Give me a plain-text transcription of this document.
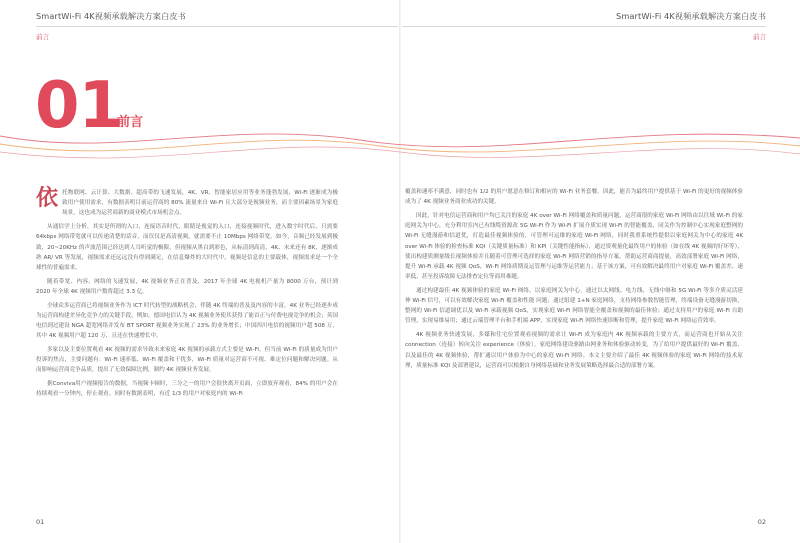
SmartWi-Fi 4K视频承载解决方案白皮书
前言
01
前言

依托物联网、云计算、大数据、超高带的飞速发展，4K、VR、智能家居应用等业务蓬勃发展，Wi-Fi 逐渐成为极致用户使用需求，有数据表明目前运营商的 80% 流量来自 Wi-Fi 且大部分是视频业务，而主要因素场景为家庭场景，这也成为运营商新的商业模式市场机会点。

从通信学上分析，其实是所谓的入口，连接语音时代，眼睛是视觉的入口，连接视频时代，进入数字时代后，只需要 64kbps 网络带宽就可以传递清楚的话音，而仅仅是高清视频，就需要不止 10Mbps 网络带宽。如今，音频已经发展到极致，20~20KHz 的声波范围已经达到人耳听觉的极限，但视频从黑白到彩色，从标清到高清，4K、未来还有 8K，逐渐成熟 AR/ VR 等发展，视频需求还远远没有得到满足，在信息爆炸的大时代中，视频是信息的主要载体，视频需求是一个全球性的普遍需求。

随着带宽、内容、网络的飞速发展，4K 视频业务正在普及，2017 年全球 4K 电视机产量为 8000 万台，预计到 2020 年全球 4K 视频用户数将超过 3.3 亿。

全球众多运营商已将视频业务作为 ICT 时代转型的战略机会，伴随 4K 终端的普及及内容的丰富，4K 业务已经逐步成为运营商构建差异化竞争力的关键手段。例如，德国电信认为 4K 视频业务使其获得了能首正与付费电视竞争的机会；英国电信到过建设 NGA 超宽网络并发布 BT SPORT 视频业务实现了 23% 的业务增长；中国四川电信的视频用户超 508 万，其中 4K 视频用户超 120 万，且还在快速增长中。

多家以及主要位置观看 4K 视频的需求导致未来家庭 4K 视频的承载方式主要是 Wi-Fi。但当前 Wi-Fi 的质量成为用户投诉的焦点，主要问题有：Wi-Fi 速率低、Wi-Fi 覆盖和干扰多，Wi-Fi 质量对运营商不可视、难定位问题和解决问题。从而影响运营商竞争品质，提出了无效保障比例，制约 4K 视频业务发展。

据Conviva用户视频报告的数据，当视频卡顿时，三分之一的用户会很快离开页面，立即放弃观看，84% 的用户会在持续观看一分钟内，停止观看。同时有数据表明，有近 1/3 的用户对家庭内的 Wi-Fi

01
SmartWi-Fi 4K视频承载解决方案白皮书
前言

覆盖和速率不满意，同时也有 1/2 的用户愿意在修订和相应的 Wi-Fi 业务套餐。因此，能否为最终用户提供基于 Wi-Fi 的更好的视频体验成为了 4K 视频业务商业成功的关键。

因此，针对电信运营商和用户均已关注的家庭 4K over Wi-Fi 网络覆盖和质量问题，运营商很的家庭 Wi-Fi 网络由以往域 Wi-Fi 的家庭网关为中心，充分利用室内已有线缆资源改 5G Wi-Fi 作为 Wi-Fi 扩展介质实现 Wi-Fi 的智能覆盖，同关作为控制中心实现家庭整网的 Wi-Fi 无缝漫游和信道优，打造最佳视频体验的，可管理可运维的家庭 Wi-Fi 网络，同时我重系统性提供以家庭网关为中心的家庭 4K over Wi-Fi 体验的检查标准 KQI（关键质量标准）和 KPI（关键性能指标），通过资观量化最终用户的体验（如在线 4K 视频的好坏等），使出构建质测量级长视频体验并且随着可管理可选择的家庭 Wi-Fi 网络营销的指导方案，帮助运营商商提量，高效部署家庭 Wi-Fi 网络，提升 Wi-Fi 承载 4K 视频 QoS，Wi-Fi 网络质期及运管理与运维等运营能力；基于该方案，可有效解决最终用户对家庭 Wi-Fi 覆盖差、速率低，甚至投诉故障无法排查定位等商用难题。

通过构建最佳 4K 视频体验的家庭 Wi-Fi 网络，以家庭网关为中心，通过以太网线、电力线、无线中继和 5G Wi-Fi 等多介质灵活延伸 Wi-Fi 信号，可以有效解决家庭 Wi-Fi 覆盖和性能 问题；通过组建 1+N 家庭网络，支持网络参数智能管理，终端设备无缝漫游切换，整网的 Wi-Fi 信道调优以及 Wi-Fi 承载视频 QoS，实现家庭 Wi-Fi 网络智能全覆盖和视频的最佳体验；通过支持用户的家庭 Wi-Fi 自助管理，实现易维易用；通过云端管理平台和手机端 APP，实现家庭 Wi-Fi 网络快速诊断和管理，提升家庭 Wi-Fi 网络运营效率。

4K 视频业务快速发展，多媒和住宅位置观看视频的需求让 Wi-Fi 成为家庭内 4K 视频承载的主要方式，而运营商也开始从关注 connection（连接）转向关注 experience（体验）。家庭网络建设驱路由网业务和体验驱动转变，为了给用户提供最好的 Wi-Fi 覆盖、以及最佳的 4K 视频体验，帮扩通以用户体验为中心的家庭 Wi-Fi 网络。本文主要介绍了最佳 4K 视频体验的家庭 Wi-Fi 网络的技术原理，质量标准 KQI 及部署建议，运营商可以根据自身网络基础和业务发展策略选择最合适的部署方案。

02
